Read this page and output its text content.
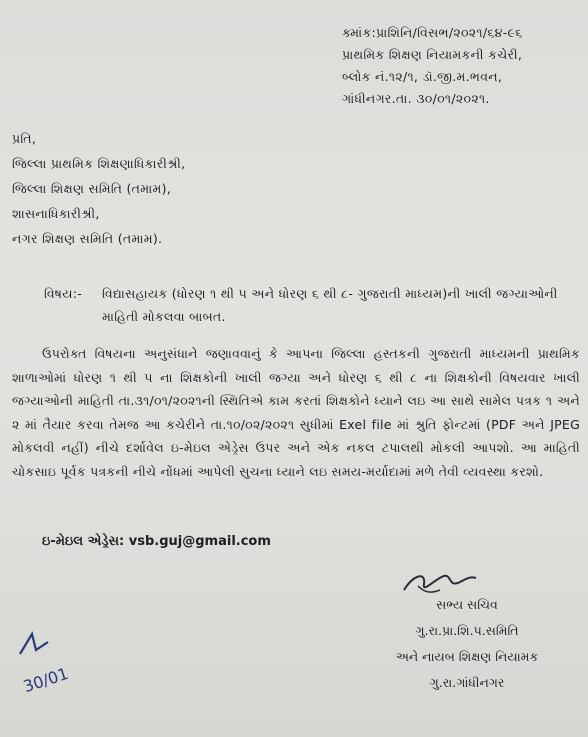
ક્માંક:પ્રાશિનિ/વિસભ/૨૦૨૧/૬૪-૯૬
પ્રાથમિક શિક્ષણ નિયામકની કચેરી,
બ્લોક નં.૧૨/૧, ડૉ.જી.મ.ભવન,
ગાંધીનગર.તા. ૩૦/૦૧/૨૦૨૧.
પ્રતિ,
જિલ્લા પ્રાથમિક શિક્ષણાધિકારીશ્રી,
જિલ્લા શિક્ષણ સમિતિ (તમામ),
શાસનાધિકારીશ્રી,
નગર શિક્ષણ સમિતિ (તમામ).
વિષય:- વિદ્યાસહાયક (ધોરણ ૧ થી ૫ અને ધોરણ ૬ થી ૮- ગુજરાતી માધ્યમ)ની ખાલી જગ્યાઓની માહિતી મોકલવા બાબત.

ઉપરોક્ત વિષયના અનુસંધાને જણાવવાનું કે આપના જિલ્લા હસ્તકની ગુજરાતી માધ્યમની પ્રાથમિક શાળાઓમાં ધોરણ ૧ થી ૫ ના શિક્ષકોની ખાલી જગ્યા અને ધોરણ ૬ થી ૮ ના શિક્ષકોની વિષયવાર ખાલી જગ્યાઓની માહિતી તા.૩૧/૦૧/૨૦૨૧ની સ્થિતિએ કામ કરતાં શિક્ષકોને ધ્યાને લઇ આ સાથે સામેલ પત્રક ૧ અને ૨ માં તૈયાર કરવા તેમજ આ કચેરીને તા.૧૦/૦૨/૨૦૨૧ સુધીમાં Exel file માં શ્રુતિ ફોન્ટમાં (PDF અને JPEG મોકલવી નહીં) નીચે દર્શાવેલ ઇ-મેઇલ એડ્રેસ ઉપર અને એક નકલ ટપાલથી મોકલી આપશો. આ માહિતી ચોકસાઇ પૂર્વક પત્રકની નીચે નોંધમાં આપેલી સુચના ધ્યાને લઇ સમય-મર્યાદામાં મળે તેવી વ્યવસ્થા કરશો.

ઇ-મેઇલ એડ્રેસ: vsb.guj@gmail.com
સભ્ય સચિવ
ગુ.રા.પ્રા.શિ.પ.સમિતિ
અને નાયબ શિક્ષણ નિયામક
ગુ.રા.ગાંધીનગર
30/01
